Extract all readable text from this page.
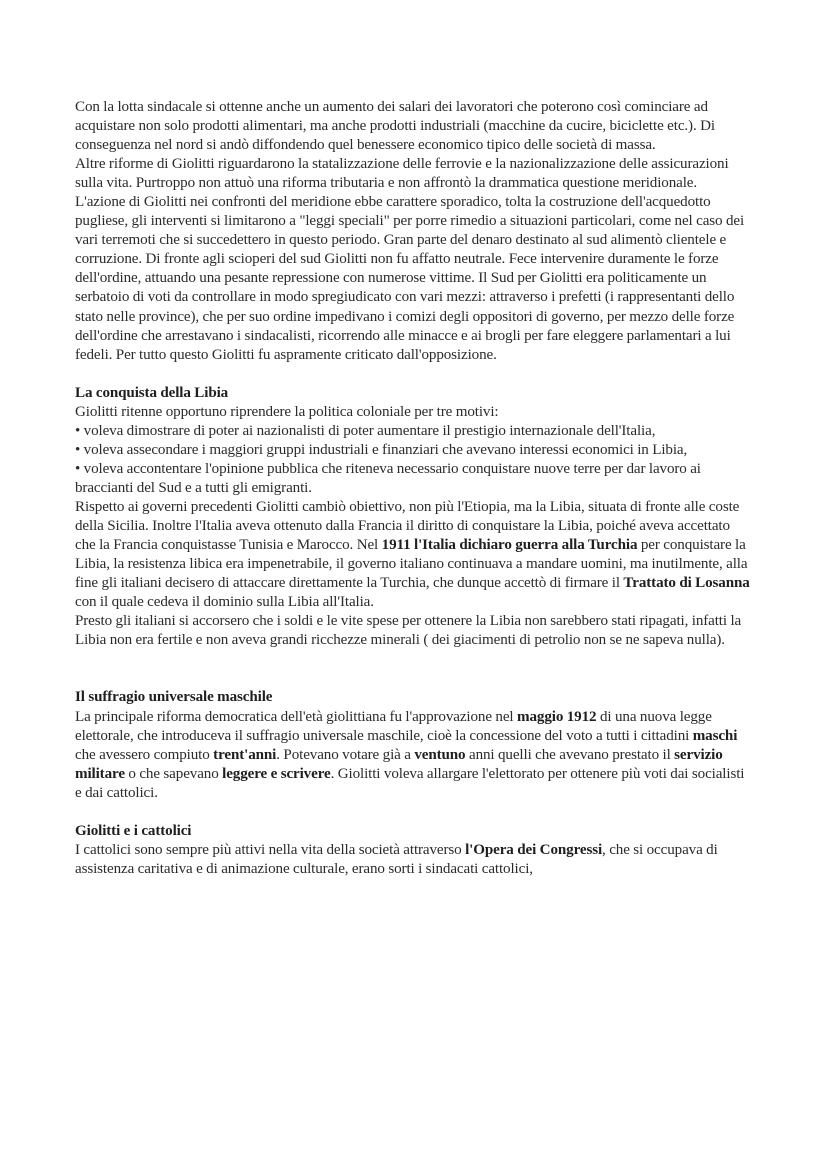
Con la lotta sindacale si ottenne anche un aumento dei salari dei lavoratori che poterono così cominciare ad acquistare non solo prodotti alimentari, ma anche prodotti industriali (macchine da cucire, biciclette etc.). Di conseguenza nel nord si andò diffondendo quel benessere economico tipico delle società di massa.
Altre riforme di Giolitti riguardarono la statalizzazione delle ferrovie e la nazionalizzazione delle assicurazioni sulla vita. Purtroppo non attuò una riforma tributaria e non affrontò la drammatica questione meridionale.
L'azione di Giolitti nei confronti del meridione ebbe carattere sporadico, tolta la costruzione dell'acquedotto pugliese, gli interventi si limitarono a "leggi speciali" per porre rimedio a situazioni particolari, come nel caso dei vari terremoti che si succedettero in questo periodo. Gran parte del denaro destinato al sud alimentò clientele e corruzione. Di fronte agli scioperi del sud Giolitti non fu affatto neutrale. Fece intervenire duramente le forze dell'ordine, attuando una pesante repressione con numerose vittime. Il Sud per Giolitti era politicamente un serbatoio di voti da controllare in modo spregiudicato con vari mezzi: attraverso i prefetti (i rappresentanti dello stato nelle province), che per suo ordine impedivano i comizi degli oppositori di governo, per mezzo delle forze dell'ordine che arrestavano i sindacalisti, ricorrendo alle minacce e ai brogli per fare eleggere parlamentari a lui fedeli. Per tutto questo Giolitti fu aspramente criticato dall'opposizione.

La conquista della Libia
Giolitti ritenne opportuno riprendere la politica coloniale per tre motivi:
• voleva dimostrare di poter ai nazionalisti di poter aumentare il prestigio internazionale dell'Italia,
• voleva assecondare i maggiori gruppi industriali e finanziari che avevano interessi economici in Libia,
• voleva accontentare l'opinione pubblica che riteneva necessario conquistare nuove terre per dar lavoro ai braccianti del Sud e a tutti gli emigranti.
Rispetto ai governi precedenti Giolitti cambiò obiettivo, non più l'Etiopia, ma la Libia, situata di fronte alle coste della Sicilia. Inoltre l'Italia aveva ottenuto dalla Francia il diritto di conquistare la Libia, poiché aveva accettato che la Francia conquistasse Tunisia e Marocco. Nel 1911 l'Italia dichiaro guerra alla Turchia per conquistare la Libia, la resistenza libica era impenetrabile, il governo italiano continuava a mandare uomini, ma inutilmente, alla fine gli italiani decisero di attaccare direttamente la Turchia, che dunque accettò di firmare il Trattato di Losanna con il quale cedeva il dominio sulla Libia all'Italia.
Presto gli italiani si accorsero che i soldi e le vite spese per ottenere la Libia non sarebbero stati ripagati, infatti la Libia non era fertile e non aveva grandi ricchezze minerali ( dei giacimenti di petrolio non se ne sapeva nulla).

Il suffragio universale maschile
La principale riforma democratica dell'età giolittiana fu l'approvazione nel maggio 1912 di una nuova legge elettorale, che introduceva il suffragio universale maschile, cioè la concessione del voto a tutti i cittadini maschi che avessero compiuto trent'anni. Potevano votare già a ventuno anni quelli che avevano prestato il servizio militare o che sapevano leggere e scrivere. Giolitti voleva allargare l'elettorato per ottenere più voti dai socialisti e dai cattolici.

Giolitti e i cattolici
I cattolici sono sempre più attivi nella vita della società attraverso l'Opera dei Congressi, che si occupava di assistenza caritativa e di animazione culturale, erano sorti i sindacati cattolici,
